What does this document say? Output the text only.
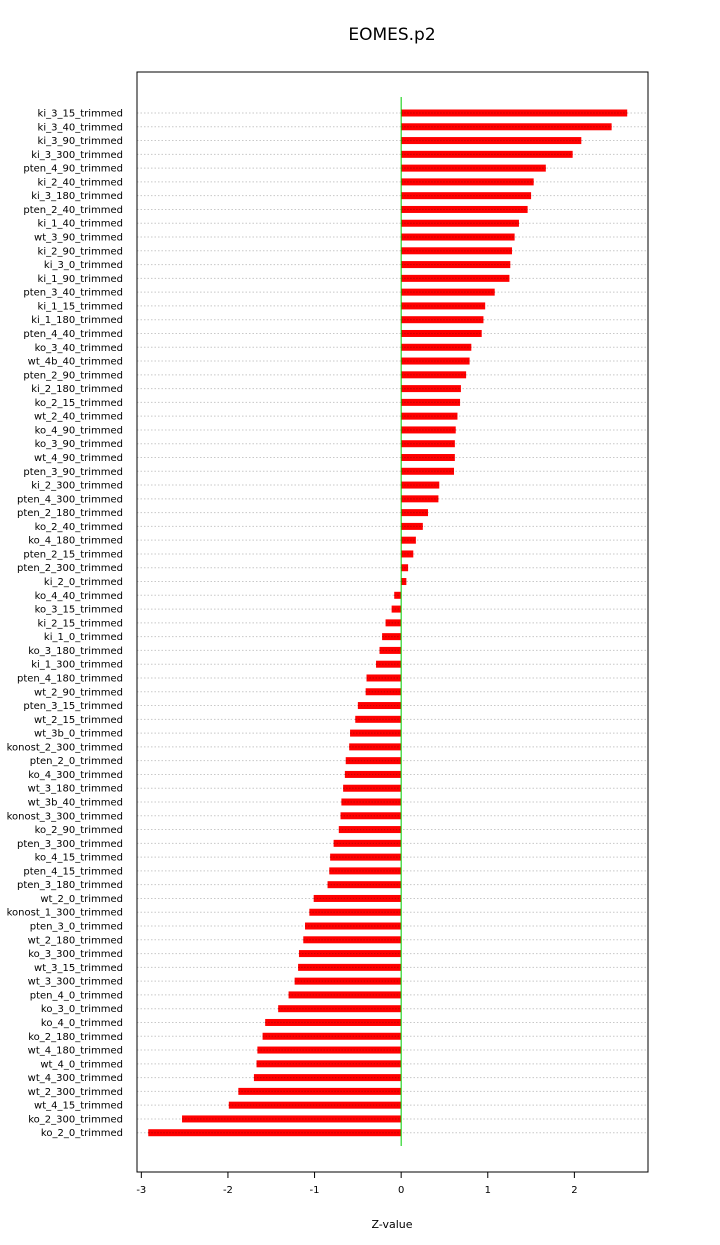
EOMES.p2
ki_3_15_trimmed
ki_3_40_trimmed
ki_3_90_trimmed
ki_3_300_trimmed
pten_4_90_trimmed
ki_2_40_trimmed
ki_3_180_trimmed
pten_2_40_trimmed
ki_1_40_trimmed
wt_3_90_trimmed
ki_2_90_trimmed
ki_3_0_trimmed
ki_1_90_trimmed
pten_3_40_trimmed
ki_1_15_trimmed
ki_1_180_trimmed
pten_4_40_trimmed
ko_3_40_trimmed
wt_4b_40_trimmed
pten_2_90_trimmed
ki_2_180_trimmed
ko_2_15_trimmed
wt_2_40_trimmed
ko_4_90_trimmed
ko_3_90_trimmed
wt_4_90_trimmed
pten_3_90_trimmed
ki_2_300_trimmed
pten_4_300_trimmed
pten_2_180_trimmed
ko_2_40_trimmed
ko_4_180_trimmed
pten_2_15_trimmed
pten_2_300_trimmed
ki_2_0_trimmed
ko_4_40_trimmed
ko_3_15_trimmed
ki_2_15_trimmed
ki_1_0_trimmed
ko_3_180_trimmed
ki_1_300_trimmed
pten_4_180_trimmed
wt_2_90_trimmed
pten_3_15_trimmed
wt_2_15_trimmed
wt_3b_0_trimmed
konost_2_300_trimmed
pten_2_0_trimmed
ko_4_300_trimmed
wt_3_180_trimmed
wt_3b_40_trimmed
konost_3_300_trimmed
ko_2_90_trimmed
pten_3_300_trimmed
ko_4_15_trimmed
pten_4_15_trimmed
pten_3_180_trimmed
wt_2_0_trimmed
konost_1_300_trimmed
pten_3_0_trimmed
wt_2_180_trimmed
ko_3_300_trimmed
wt_3_15_trimmed
wt_3_300_trimmed
pten_4_0_trimmed
ko_3_0_trimmed
ko_4_0_trimmed
ko_2_180_trimmed
wt_4_180_trimmed
wt_4_0_trimmed
wt_4_300_trimmed
wt_2_300_trimmed
wt_4_15_trimmed
ko_2_300_trimmed
ko_2_0_trimmed
-3	-2	-1	0	1	2
Z-value
